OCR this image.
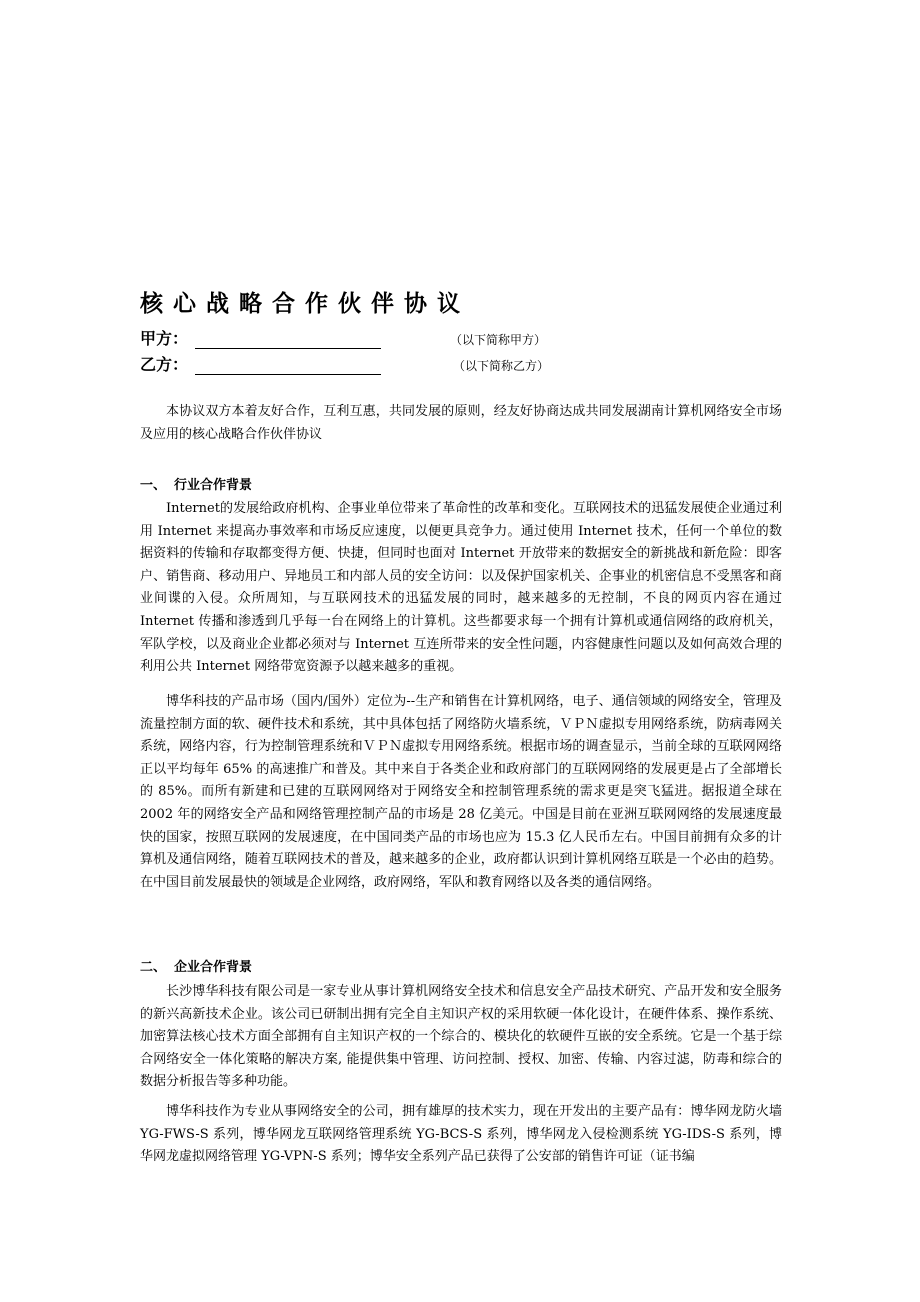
核心战略合作伙伴协议
甲方：	（以下简称甲方）
乙方：	（以下简称乙方）

本协议双方本着友好合作，互利互惠，共同发展的原则，经友好协商达成共同发展湖南计算机网络安全市场及应用的核心战略合作伙伴协议

一、 行业合作背景

Internet的发展给政府机构、企事业单位带来了革命性的改革和变化。互联网技术的迅猛发展使企业通过利用 Internet 来提高办事效率和市场反应速度，以便更具竞争力。通过使用 Internet 技术，任何一个单位的数据资料的传输和存取都变得方便、快捷，但同时也面对 Internet 开放带来的数据安全的新挑战和新危险：即客户、销售商、移动用户、异地员工和内部人员的安全访问：以及保护国家机关、企事业的机密信息不受黑客和商业间谍的入侵。众所周知，与互联网技术的迅猛发展的同时，越来越多的无控制，不良的网页内容在通过 Internet 传播和渗透到几乎每一台在网络上的计算机。这些都要求每一个拥有计算机或通信网络的政府机关，军队学校，以及商业企业都必须对与 Internet 互连所带来的安全性问题，内容健康性问题以及如何高效合理的利用公共 Internet 网络带宽资源予以越来越多的重视。

博华科技的产品市场（国内/国外）定位为--生产和销售在计算机网络，电子、通信领域的网络安全，管理及流量控制方面的软、硬件技术和系统，其中具体包括了网络防火墙系统，ＶＰＮ虚拟专用网络系统，防病毒网关系统，网络内容，行为控制管理系统和ＶＰＮ虚拟专用网络系统。根据市场的调查显示，当前全球的互联网网络正以平均每年 65% 的高速推广和普及。其中来自于各类企业和政府部门的互联网网络的发展更是占了全部增长的 85%。而所有新建和已建的互联网网络对于网络安全和控制管理系统的需求更是突飞猛进。据报道全球在 2002 年的网络安全产品和网络管理控制产品的市场是 28 亿美元。中国是目前在亚洲互联网网络的发展速度最快的国家，按照互联网的发展速度，在中国同类产品的市场也应为 15.3 亿人民币左右。中国目前拥有众多的计算机及通信网络，随着互联网技术的普及，越来越多的企业，政府都认识到计算机网络互联是一个必由的趋势。在中国目前发展最快的领域是企业网络，政府网络，军队和教育网络以及各类的通信网络。

二、 企业合作背景

长沙博华科技有限公司是一家专业从事计算机网络安全技术和信息安全产品技术研究、产品开发和安全服务的新兴高新技术企业。该公司已研制出拥有完全自主知识产权的采用软硬一体化设计，在硬件体系、操作系统、加密算法核心技术方面全部拥有自主知识产权的一个综合的、模块化的软硬件互嵌的安全系统。它是一个基于综合网络安全一体化策略的解决方案, 能提供集中管理、访问控制、授权、加密、传输、内容过滤，防毒和综合的数据分析报告等多种功能。

博华科技作为专业从事网络安全的公司，拥有雄厚的技术实力，现在开发出的主要产品有：博华网龙防火墙 YG-FWS-S 系列，博华网龙互联网络管理系统 YG-BCS-S 系列，博华网龙入侵检测系统 YG-IDS-S 系列，博华网龙虚拟网络管理 YG-VPN-S 系列；博华安全系列产品已获得了公安部的销售许可证（证书编
